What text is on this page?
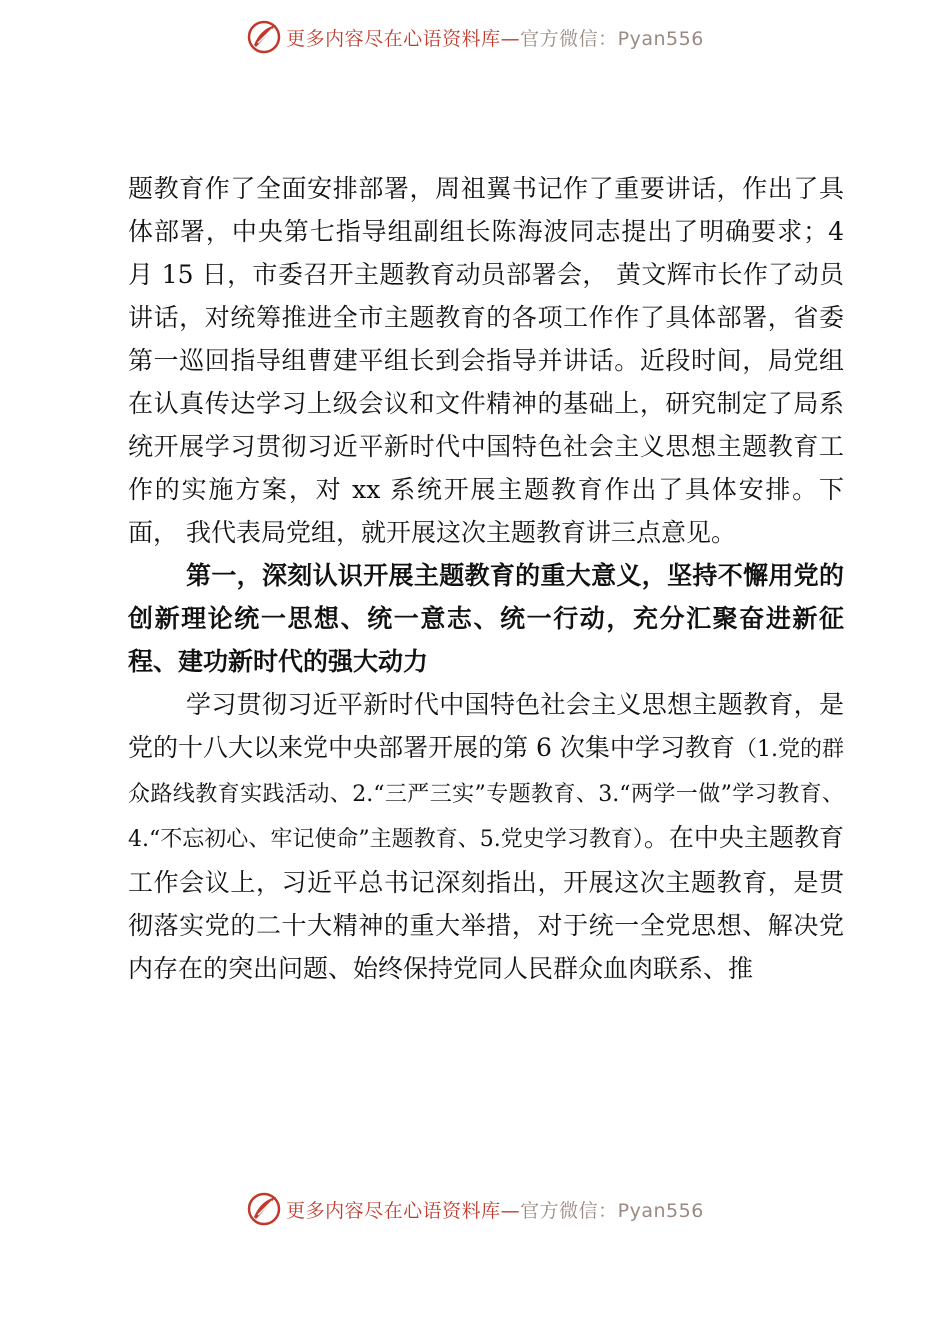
更多内容尽在心语资料库—官方微信：Pyan556

题教育作了全面安排部署，周祖翼书记作了重要讲话，作出了具体部署，中央第七指导组副组长陈海波同志提出了明确要求；4 月 15 日，市委召开主题教育动员部署会， 黄文辉市长作了动员讲话，对统筹推进全市主题教育的各项工作作了具体部署，省委第一巡回指导组曹建平组长到会指导并讲话。近段时间，局党组在认真传达学习上级会议和文件精神的基础上，研究制定了局系统开展学习贯彻习近平新时代中国特色社会主义思想主题教育工作的实施方案，对 xx 系统开展主题教育作出了具体安排。下面， 我代表局党组，就开展这次主题教育讲三点意见。

第一，深刻认识开展主题教育的重大意义，坚持不懈用党的创新理论统一思想、统一意志、统一行动，充分汇聚奋进新征程、建功新时代的强大动力

学习贯彻习近平新时代中国特色社会主义思想主题教育，是党的十八大以来党中央部署开展的第 6 次集中学习教育（1.党的群众路线教育实践活动、2.“三严三实”专题教育、3.“两学一做”学习教育、4.“不忘初心、牢记使命”主题教育、5.党史学习教育）。在中央主题教育工作会议上，习近平总书记深刻指出，开展这次主题教育，是贯彻落实党的二十大精神的重大举措，对于统一全党思想、解决党内存在的突出问题、始终保持党同人民群众血肉联系、推

更多内容尽在心语资料库—官方微信：Pyan556
